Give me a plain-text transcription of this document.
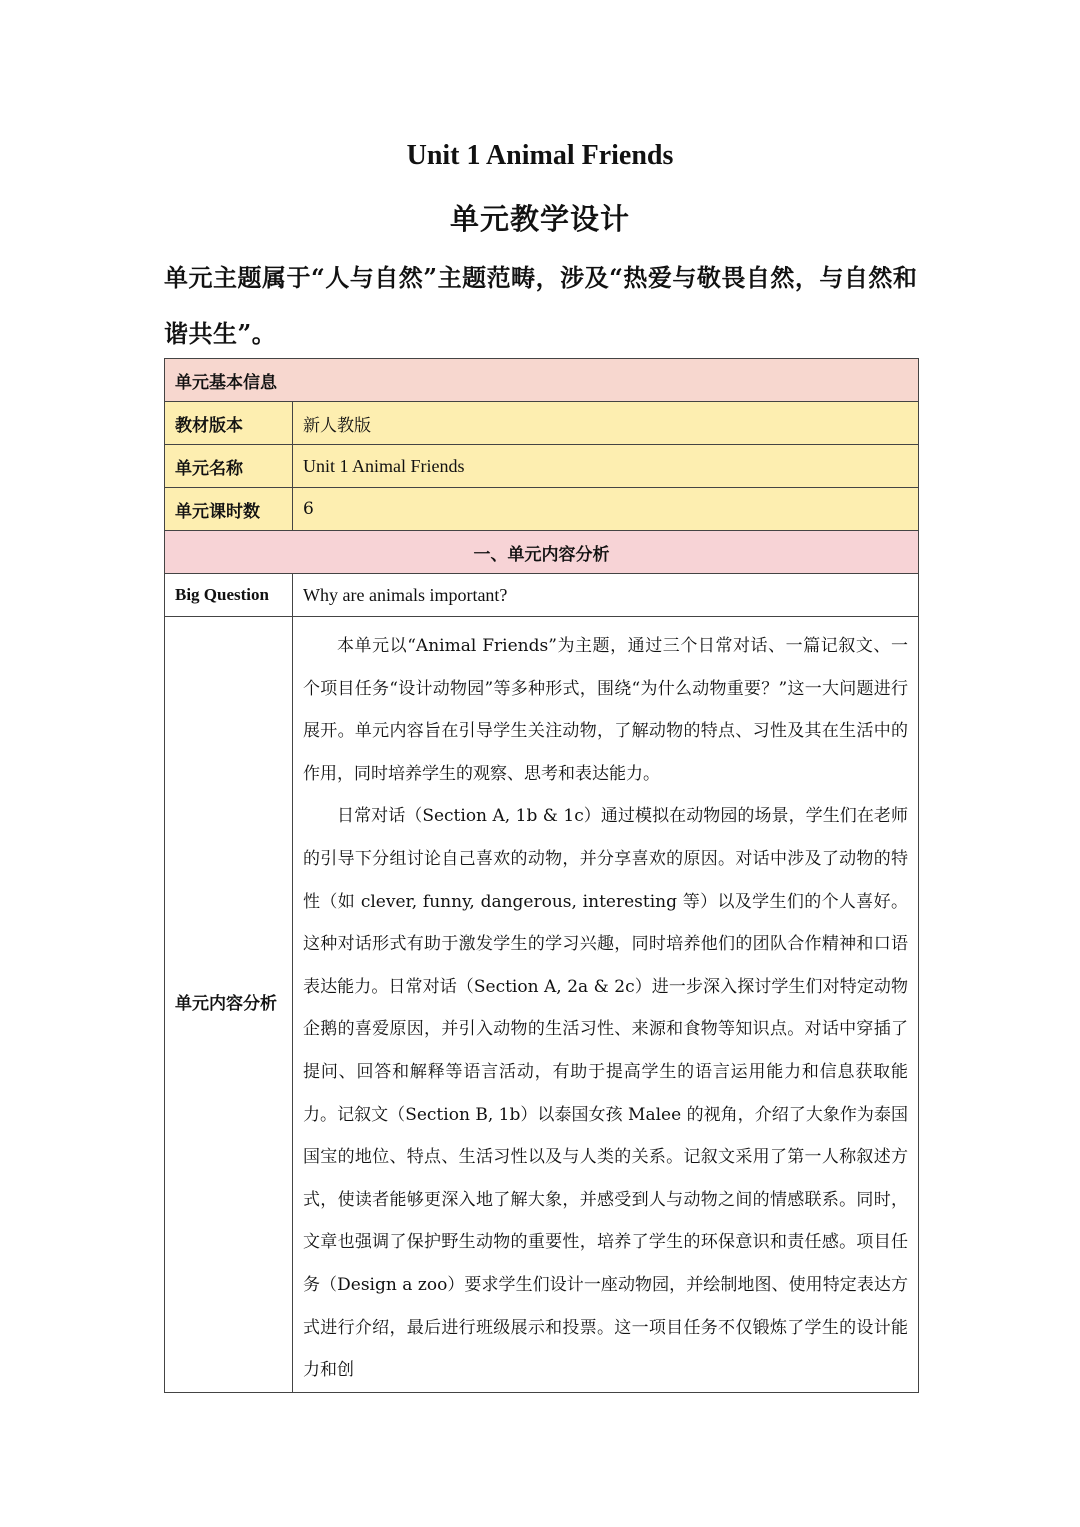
Unit 1 Animal Friends
单元教学设计
单元主题属于“人与自然”主题范畴，涉及“热爱与敬畏自然，与自然和谐共生”。
单元基本信息	
教材版本	新人教版
单元名称	Unit 1 Animal Friends
单元课时数	6
一、单元内容分析	
Big Question	Why are animals important?
单元内容分析	本单元以“Animal Friends”为主题，通过三个日常对话、一篇记叙文、一个项目任务“设计动物园”等多种形式，围绕“为什么动物重要？”这一大问题进行展开。单元内容旨在引导学生关注动物，了解动物的特点、习性及其在生活中的作用，同时培养学生的观察、思考和表达能力。

日常对话（Section A, 1b & 1c）通过模拟在动物园的场景，学生们在老师的引导下分组讨论自己喜欢的动物，并分享喜欢的原因。对话中涉及了动物的特性（如 clever, funny, dangerous, interesting 等）以及学生们的个人喜好。这种对话形式有助于激发学生的学习兴趣，同时培养他们的团队合作精神和口语表达能力。日常对话（Section A, 2a & 2c）进一步深入探讨学生们对特定动物企鹅的喜爱原因，并引入动物的生活习性、来源和食物等知识点。对话中穿插了提问、回答和解释等语言活动，有助于提高学生的语言运用能力和信息获取能力。记叙文（Section B, 1b）以泰国女孩 Malee 的视角，介绍了大象作为泰国国宝的地位、特点、生活习性以及与人类的关系。记叙文采用了第一人称叙述方式，使读者能够更深入地了解大象，并感受到人与动物之间的情感联系。同时，文章也强调了保护野生动物的重要性，培养了学生的环保意识和责任感。项目任务（Design a zoo）要求学生们设计一座动物园，并绘制地图、使用特定表达方式进行介绍，最后进行班级展示和投票。这一项目任务不仅锻炼了学生的设计能力和创
